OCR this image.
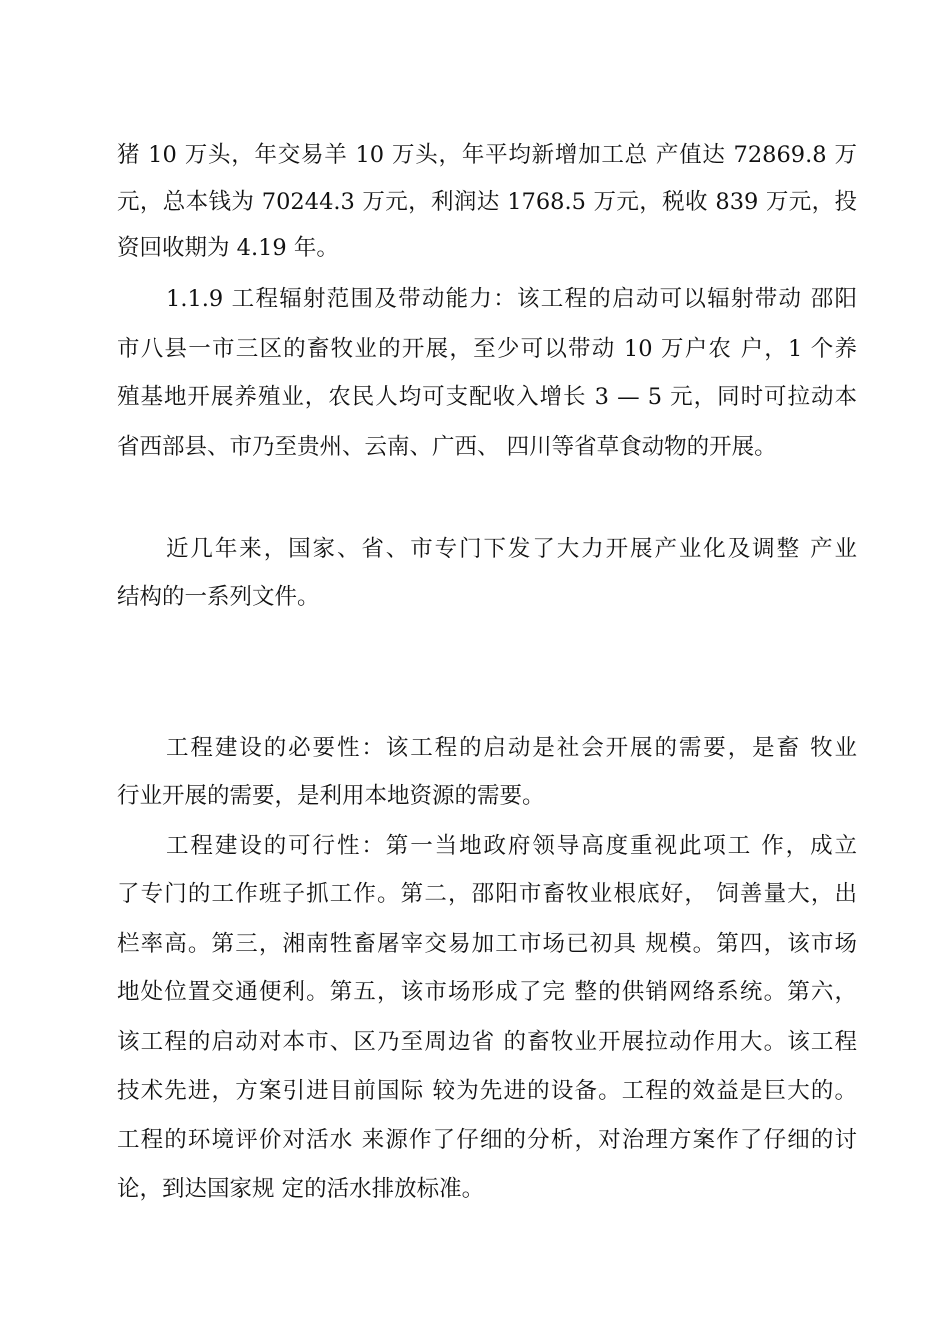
猪 10 万头，年交易羊 10 万头，年平均新增加工总 产值达 72869.8 万
元，总本钱为 70244.3 万元，利润达 1768.5 万元，税收 839 万元，投
资回收期为 4.19 年。
1.1.9 工程辐射范围及带动能力：该工程的启动可以辐射带动 邵阳
市八县一市三区的畜牧业的开展，至少可以带动 10 万户农 户，1 个养
殖基地开展养殖业，农民人均可支配收入增长 3 — 5 元，同时可拉动本
省西部县、市乃至贵州、云南、广西、 四川等省草食动物的开展。
近几年来，国家、省、市专门下发了大力开展产业化及调整 产业
结构的一系列文件。
工程建设的必要性：该工程的启动是社会开展的需要，是畜 牧业
行业开展的需要，是利用本地资源的需要。
工程建设的可行性：第一当地政府领导高度重视此项工 作，成立
了专门的工作班子抓工作。第二，邵阳市畜牧业根底好， 饲善量大，出
栏率高。第三，湘南牲畜屠宰交易加工市场已初具 规模。第四，该市场
地处位置交通便利。第五，该市场形成了完 整的供销网络系统。第六，
该工程的启动对本市、区乃至周边省 的畜牧业开展拉动作用大。该工程
技术先进，方案引进目前国际 较为先进的设备。工程的效益是巨大的。
工程的环境评价对活水 来源作了仔细的分析，对治理方案作了仔细的讨
论，到达国家规 定的活水排放标准。
